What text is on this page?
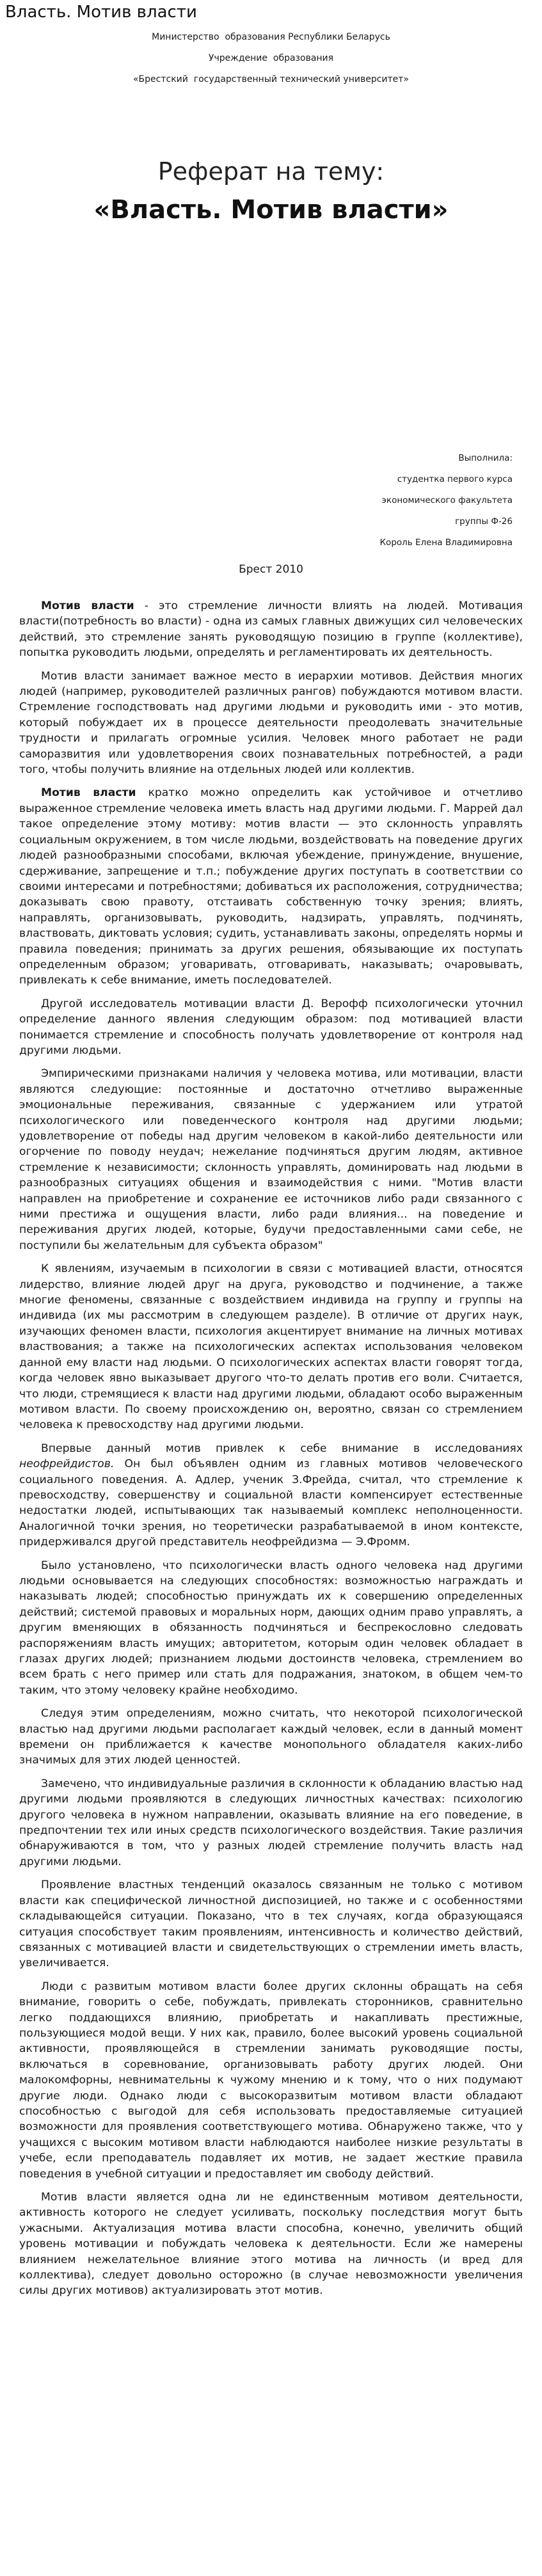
Власть. Мотив власти
Министерство  образования Республики Беларусь
Учреждение  образования
«Брестский  государственный технический университет»
Реферат на тему:
«Власть. Мотив власти»
Выполнила:
студентка первого курса
экономического факультета
группы Ф-26
Король Елена Владимировна
Брест 2010

Мотив власти - это стремление личности влиять на людей. Мотивация власти(потребность во власти) - одна из самых главных движущих сил человеческих действий, это стремление занять руководящую позицию в группе (коллективе), попытка руководить людьми, определять и регламентировать их деятельность.

Мотив власти занимает важное место в иерархии мотивов. Действия многих людей (например, руководителей различных рангов) побуждаются мотивом власти. Стремление господствовать над другими людьми и руководить ими - это мотив, который побуждает их в процессе деятельности преодолевать значительные трудности и прилагать огромные усилия. Человек много работает не ради саморазвития или удовлетворения своих познавательных потребностей, а ради того, чтобы получить влияние на отдельных людей или коллектив.

Мотив власти кратко можно определить как устойчивое и отчетливо выраженное стремление человека иметь власть над другими людьми. Г. Маррей дал такое определение этому мотиву: мотив власти — это склонность управлять социальным окружением, в том числе людьми, воздействовать на поведение других людей разнообразными способами, включая убеждение, принуждение, внушение, сдерживание, запрещение и т.п.; побуждение других поступать в соответствии со своими интересами и потребностями; добиваться их расположения, сотрудничества; доказывать свою правоту, отстаивать собственную точку зрения; влиять, направлять, организовывать, руководить, надзирать, управлять, подчинять, властвовать, диктовать условия; судить, устанавливать законы, определять нормы и правила поведения; принимать за других решения, обязывающие их поступать определенным образом; уговаривать, отговаривать, наказывать; очаровывать, привлекать к себе внимание, иметь последователей.

Другой исследователь мотивации власти Д. Верофф психологически уточнил определение данного явления следующим образом: под мотивацией власти понимается стремление и способность получать удовлетворение от контроля над другими людьми.

Эмпирическими признаками наличия у человека мотива, или мотивации, власти являются следующие: постоянные и достаточно отчетливо выраженные эмоциональные переживания, связанные с удержанием или утратой психологического или поведенческого контроля над другими людьми; удовлетворение от победы над другим человеком в какой-либо деятельности или огорчение по поводу неудач; нежелание подчиняться другим людям, активное стремление к независимости; склонность управлять, доминировать над людьми в разнообразных ситуациях общения и взаимодействия с ними. "Мотив власти направлен на приобретение и сохранение ее источников либо ради связанного с ними престижа и ощущения власти, либо ради влияния... на поведение и переживания других людей, которые, будучи предоставленными сами себе, не поступили бы желательным для субъекта образом"

К явлениям, изучаемым в психологии в связи с мотивацией власти, относятся лидерство, влияние людей друг на друга, руководство и подчинение, а также многие феномены, связанные с воздействием индивида на группу и группы на индивида (их мы рассмотрим в следующем разделе). В отличие от других наук, изучающих феномен власти, психология акцентирует внимание на личных мотивах властвования; а также на психологических аспектах использования человеком данной ему власти над людьми. О психологических аспектах власти говорят тогда, когда человек явно выказывает другого что-то делать против его воли. Считается, что люди, стремящиеся к власти над другими людьми, обладают особо выраженным мотивом власти. По своему происхождению он, вероятно, связан со стремлением человека к превосходству над другими людьми.

Впервые данный мотив привлек к себе внимание в исследованиях неофрейдистов. Он был объявлен одним из главных мотивов человеческого социального поведения. А. Адлер, ученик З.Фрейда, считал, что стремление к превосходству, совершенству и социальной власти компенсирует естественные недостатки людей, испытывающих так называемый комплекс неполноценности. Аналогичной точки зрения, но теоретически разрабатываемой в ином контексте, придерживался другой представитель неофрейдизма — Э.Фромм.

Было установлено, что психологически власть одного человека над другими людьми основывается на следующих способностях: возможностью награждать и наказывать людей; способностью принуждать их к совершению определенных действий; системой правовых и моральных норм, дающих одним право управлять, а другим вменяющих в обязанность подчиняться и беспрекословно следовать распоряжениям власть имущих; авторитетом, которым один человек обладает в глазах других людей; признанием людьми достоинств человека, стремлением во всем брать с него пример или стать для подражания, знатоком, в общем чем-то таким, что этому человеку крайне необходимо.

Следуя этим определениям, можно считать, что некоторой психологической властью над другими людьми располагает каждый человек, если в данный момент времени он приближается к качестве монопольного обладателя каких-либо значимых для этих людей ценностей.

Замечено, что индивидуальные различия в склонности к обладанию властью над другими людьми проявляются в следующих личностных качествах: психологию другого человека в нужном направлении, оказывать влияние на его поведение, в предпочтении тех или иных средств психологического воздействия. Такие различия обнаруживаются в том, что у разных людей стремление получить власть над другими людьми.

Проявление властных тенденций оказалось связанным не только с мотивом власти как специфической личностной диспозицией, но также и с особенностями складывающейся ситуации. Показано, что в тех случаях, когда образующаяся ситуация способствует таким проявлениям, интенсивность и количество действий, связанных с мотивацией власти и свидетельствующих о стремлении иметь власть, увеличивается.

Люди с развитым мотивом власти более других склонны обращать на себя внимание, говорить о себе, побуждать, привлекать сторонников, сравнительно легко поддающихся влиянию, приобретать и накапливать престижные, пользующиеся модой вещи. У них как, правило, более высокий уровень социальной активности, проявляющейся в стремлении занимать руководящие посты, включаться в соревнование, организовывать работу других людей. Они малокомфорны, невнимательны к чужому мнению и к тому, что о них подумают другие люди. Однако люди с высокоразвитым мотивом власти обладают способностью с выгодой для себя использовать предоставляемые ситуацией возможности для проявления соответствующего мотива. Обнаружено также, что у учащихся с высоким мотивом власти наблюдаются наиболее низкие результаты в учебе, если преподаватель подавляет их мотив, не задает жесткие правила поведения в учебной ситуации и предоставляет им свободу действий.

Мотив власти является одна ли не единственным мотивом деятельности, активность которого не следует усиливать, поскольку последствия могут быть ужасными. Актуализация мотива власти способна, конечно, увеличить общий уровень мотивации и побуждать человека к деятельности. Если же намерены влиянием нежелательное влияние этого мотива на личность (и вред для коллектива), следует довольно осторожно (в случае невозможности увеличения силы других мотивов) актуализировать этот мотив.
